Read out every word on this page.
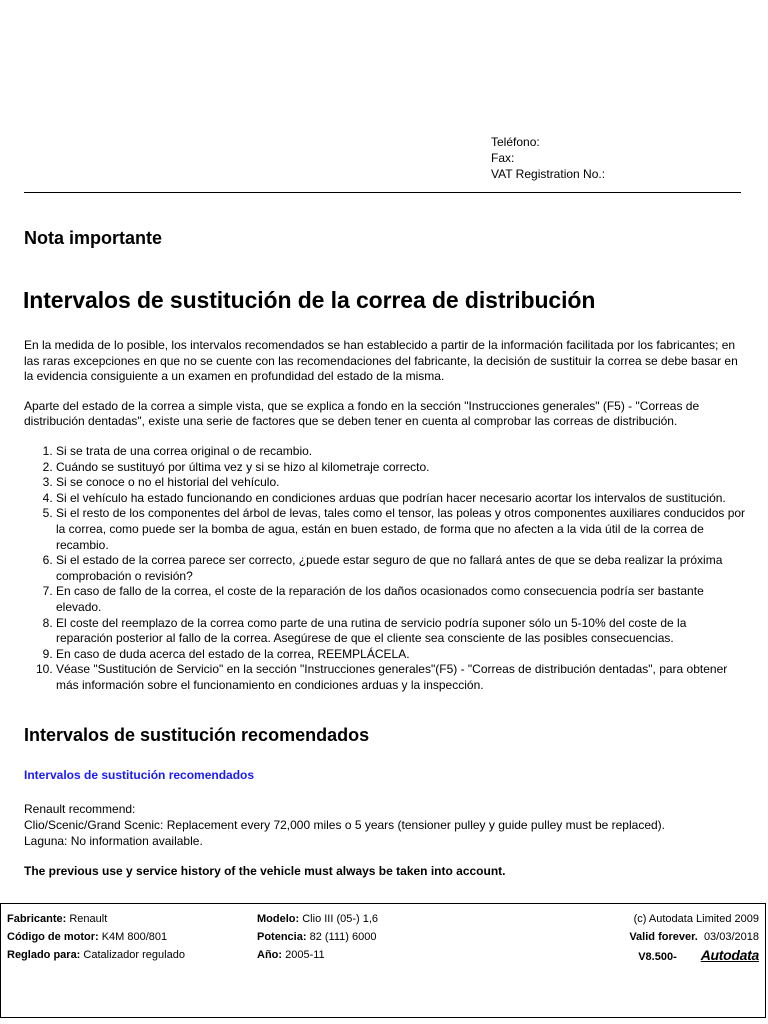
Teléfono:
Fax:
VAT Registration No.:
Nota importante
Intervalos de sustitución de la correa de distribución

En la medida de lo posible, los intervalos recomendados se han establecido a partir de la información facilitada por los fabricantes; en las raras excepciones en que no se cuente con las recomendaciones del fabricante, la decisión de sustituir la correa se debe basar en la evidencia consiguiente a un examen en profundidad del estado de la misma.

Aparte del estado de la correa a simple vista, que se explica a fondo en la sección "Instrucciones generales" (F5) - "Correas de distribución dentadas", existe una serie de factores que se deben tener en cuenta al comprobar las correas de distribución.

1. Si se trata de una correa original o de recambio.
2. Cuándo se sustituyó por última vez y si se hizo al kilometraje correcto.
3. Si se conoce o no el historial del vehículo.
4. Si el vehículo ha estado funcionando en condiciones arduas que podrían hacer necesario acortar los intervalos de sustitución.
5. Si el resto de los componentes del árbol de levas, tales como el tensor, las poleas y otros componentes auxiliares conducidos por la correa, como puede ser la bomba de agua, están en buen estado, de forma que no afecten a la vida útil de la correa de recambio.
6. Si el estado de la correa parece ser correcto, ¿puede estar seguro de que no fallará antes de que se deba realizar la próxima comprobación o revisión?
7. En caso de fallo de la correa, el coste de la reparación de los daños ocasionados como consecuencia podría ser bastante elevado.
8. El coste del reemplazo de la correa como parte de una rutina de servicio podría suponer sólo un 5-10% del coste de la reparación posterior al fallo de la correa. Asegúrese de que el cliente sea consciente de las posibles consecuencias.
9. En caso de duda acerca del estado de la correa, REEMPLÁCELA.
10. Véase "Sustitución de Servicio" en la sección "Instrucciones generales"(F5) - "Correas de distribución dentadas", para obtener más información sobre el funcionamiento en condiciones arduas y la inspección.
Intervalos de sustitución recomendados
Intervalos de sustitución recomendados
Renault recommend:
Clio/Scenic/Grand Scenic: Replacement every 72,000 miles o 5 years (tensioner pulley y guide pulley must be replaced).
Laguna: No information available.
The previous use y service history of the vehicle must always be taken into account.
Fabricante: Renault
Código de motor: K4M 800/801
Reglado para: Catalizador regulado
Modelo: Clio III (05-) 1,6
Potencia: 82 (111) 6000
Año: 2005-11
(c) Autodata Limited 2009
Valid forever. 03/03/2018
V8.500- Autodata
